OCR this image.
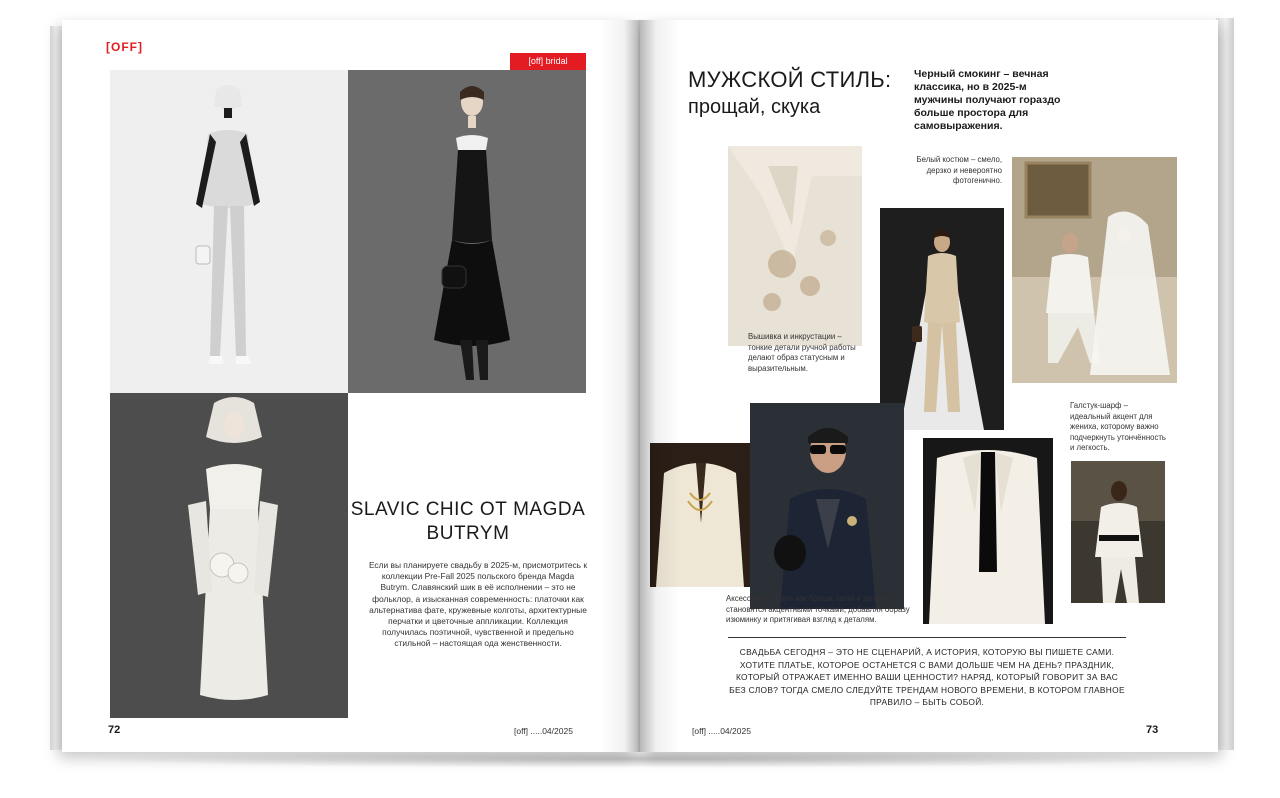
[OFF]
[off] bridal
SLAVIC CHIC ОТ MAGDA BUTRYM
Если вы планируете свадьбу в 2025-м, присмотритесь к коллекции Pre-Fall 2025 польского бренда Magda Butrym. Славянский шик в её исполнении – это не фольклор, а изысканная современность: платочки как альтернатива фате, кружевные колготы, архитектурные перчатки и цветочные аппликации. Коллекция получилась поэтичной, чувственной и предельно стильной – настоящая ода женственности.
72	[off] .....04/2025
МУЖСКОЙ СТИЛЬ:
прощай, скука
Черный смокинг – вечная классика, но в 2025-м мужчины получают гораздо больше простора для самовыражения.
Белый костюм – смело, дерзко и невероятно фотогенично.
Вышивка и инкрустации – тонкие детали ручной работы делают образ статусным и выразительным.
Галстук-шарф – идеальный акцент для жениха, которому важно подчеркнуть утончённость и легкость.
Аксессуары, такие как броши, цепи и запонки, становятся акцентными точками, добавляя образу изюминку и притягивая взгляд к деталям.
СВАДЬБА СЕГОДНЯ – ЭТО НЕ СЦЕНАРИЙ, А ИСТОРИЯ, КОТОРУЮ ВЫ ПИШЕТЕ САМИ. ХОТИТЕ ПЛАТЬЕ, КОТОРОЕ ОСТАНЕТСЯ С ВАМИ ДОЛЬШЕ ЧЕМ НА ДЕНЬ? ПРАЗДНИК, КОТОРЫЙ ОТРАЖАЕТ ИМЕННО ВАШИ ЦЕННОСТИ? НАРЯД, КОТОРЫЙ ГОВОРИТ ЗА ВАС БЕЗ СЛОВ? ТОГДА СМЕЛО СЛЕДУЙТЕ ТРЕНДАМ НОВОГО ВРЕМЕНИ, В КОТОРОМ ГЛАВНОЕ ПРАВИЛО – БЫТЬ СОБОЙ.
[off] .....04/2025	73
